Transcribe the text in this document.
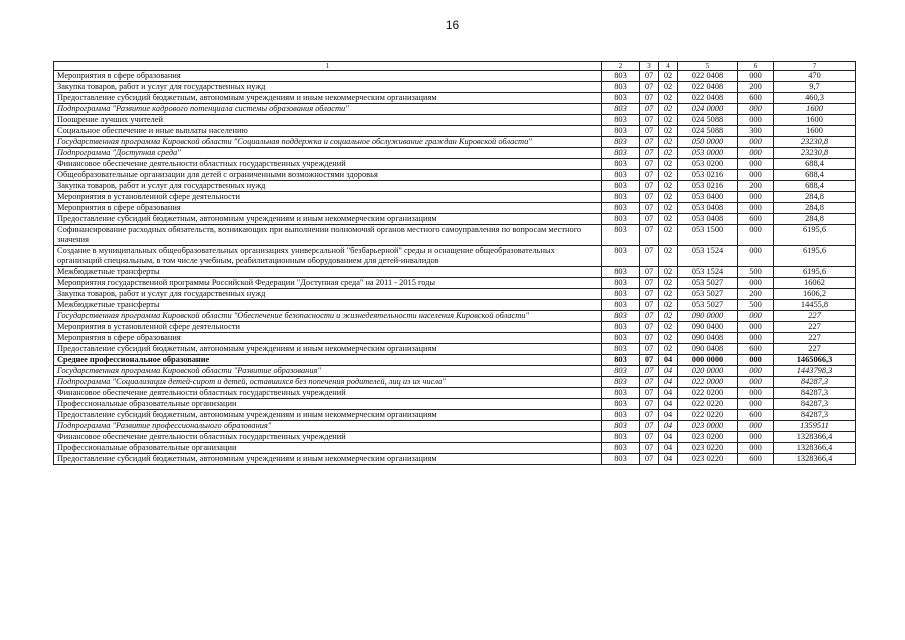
16
1	2	3	4	5	6	7
Мероприятия в сфере образования	803	07	02	022 0408	000	470
Закупка товаров, работ и услуг для государственных нужд	803	07	02	022 0408	200	9,7
Предоставление субсидий бюджетным, автономным учреждениям и иным некоммерческим организациям	803	07	02	022 0408	600	460,3
Подпрограмма "Развитие кадрового потенциала системы образования области"	803	07	02	024 0000	000	1600
Поощрение лучших учителей	803	07	02	024 5088	000	1600
Социальное обеспечение и иные выплаты населению	803	07	02	024 5088	300	1600
Государственная программа Кировской области "Социальная поддержка и социальное обслуживание граждан Кировской области"	803	07	02	050 0000	000	23230,8
Подпрограмма "Доступная среда"	803	07	02	053 0000	000	23230,8
Финансовое обеспечение деятельности областных государственных учреждений	803	07	02	053 0200	000	688,4
Общеобразовательные организации для детей с ограниченными возможностями здоровья	803	07	02	053 0216	000	688,4
Закупка товаров, работ и услуг для государственных нужд	803	07	02	053 0216	200	688,4
Мероприятия в установленной сфере деятельности	803	07	02	053 0400	000	284,8
Мероприятия в сфере образования	803	07	02	053 0408	000	284,8
Предоставление субсидий бюджетным, автономным учреждениям и иным некоммерческим организациям	803	07	02	053 0408	600	284,8
Софинансирование расходных обязательств, возникающих при выполнении полномочий органов местного самоуправления по вопросам местного значения	803	07	02	053 1500	000	6195,6
Создание в муниципальных общеобразовательных организациях универсальной "безбарьерной" среды и оснащение общеобразовательных организаций специальным, в том числе учебным, реабилитационным оборудованием для детей-инвалидов	803	07	02	053 1524	000	6195,6
Межбюджетные трансферты	803	07	02	053 1524	500	6195,6
Мероприятия государственной программы Российской Федерации "Доступная среда" на 2011 - 2015 годы	803	07	02	053 5027	000	16062
Закупка товаров, работ и услуг для государственных нужд	803	07	02	053 5027	200	1606,2
Межбюджетные трансферты	803	07	02	053 5027	500	14455,8
Государственная программа Кировской области "Обеспечение безопасности и жизнедеятельности населения Кировской области"	803	07	02	090 0000	000	227
Мероприятия в установленной сфере деятельности	803	07	02	090 0400	000	227
Мероприятия в сфере образования	803	07	02	090 0408	000	227
Предоставление субсидий бюджетным, автономным учреждениям и иным некоммерческим организациям	803	07	02	090 0408	600	227
Среднее профессиональное образование	803	07	04	000 0000	000	1465066,3
Государственная программа Кировской области "Развитие образования"	803	07	04	020 0000	000	1443798,3
Подпрограмма "Социализация детей-сирот и детей, оставшихся без попечения родителей, лиц из их числа"	803	07	04	022 0000	000	84287,3
Финансовое обеспечение деятельности областных государственных учреждений	803	07	04	022 0200	000	84287,3
Профессиональные образовательные организации	803	07	04	022 0220	000	84287,3
Предоставление субсидий бюджетным, автономным учреждениям и иным некоммерческим организациям	803	07	04	022 0220	600	84287,3
Подпрограмма "Развитие профессионального образования"	803	07	04	023 0000	000	1359511
Финансовое обеспечение деятельности областных государственных учреждений	803	07	04	023 0200	000	1328366,4
Профессиональные образовательные организации	803	07	04	023 0220	000	1328366,4
Предоставление субсидий бюджетным, автономным учреждениям и иным некоммерческим организациям	803	07	04	023 0220	600	1328366,4
